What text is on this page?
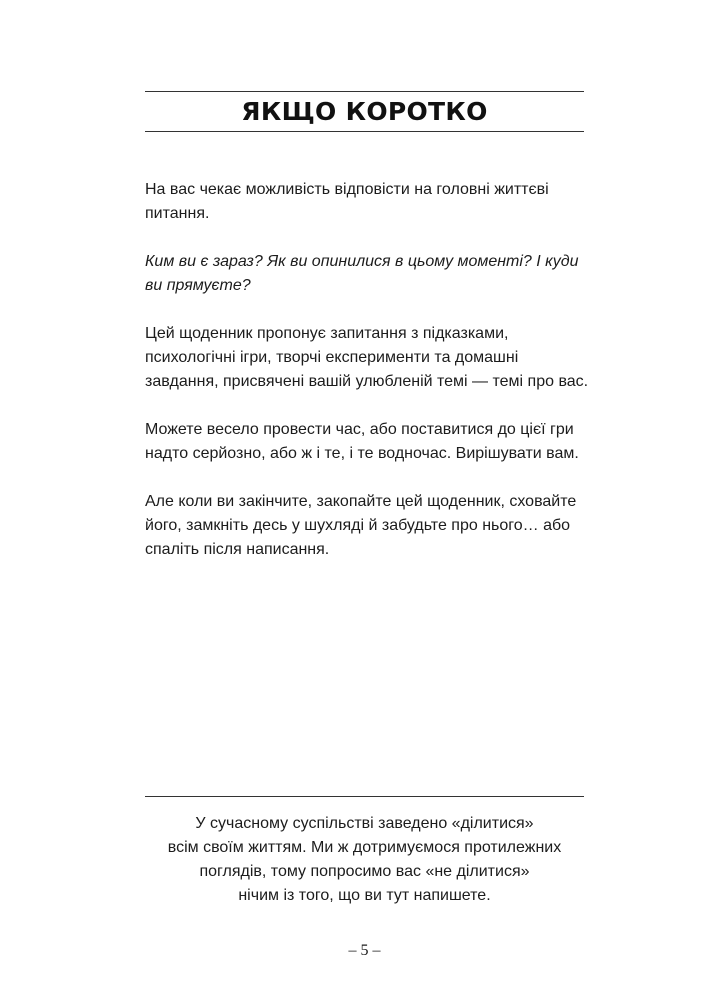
ЯКЩО КОРОТКО

На вас чекає можливість відповісти на головні життєві питання.

Ким ви є зараз? Як ви опинилися в цьому моменті? І куди ви прямуєте?

Цей щоденник пропонує запитання з підказками, психологічні ігри, творчі експерименти та домашні завдання, присвячені вашій улюбленій темі — темі про вас.

Можете весело провести час, або поставитися до цієї гри надто серйозно, або ж і те, і те водночас. Вирішувати вам.

Але коли ви закінчите, закопайте цей щоденник, сховайте його, замкніть десь у шухляді й забудьте про нього… або спаліть після написання.

У сучасному суспільстві заведено «ділитися»
всім своїм життям. Ми ж дотримуємося протилежних
поглядів, тому попросимо вас «не ділитися»
нічим із того, що ви тут напишете.
– 5 –
